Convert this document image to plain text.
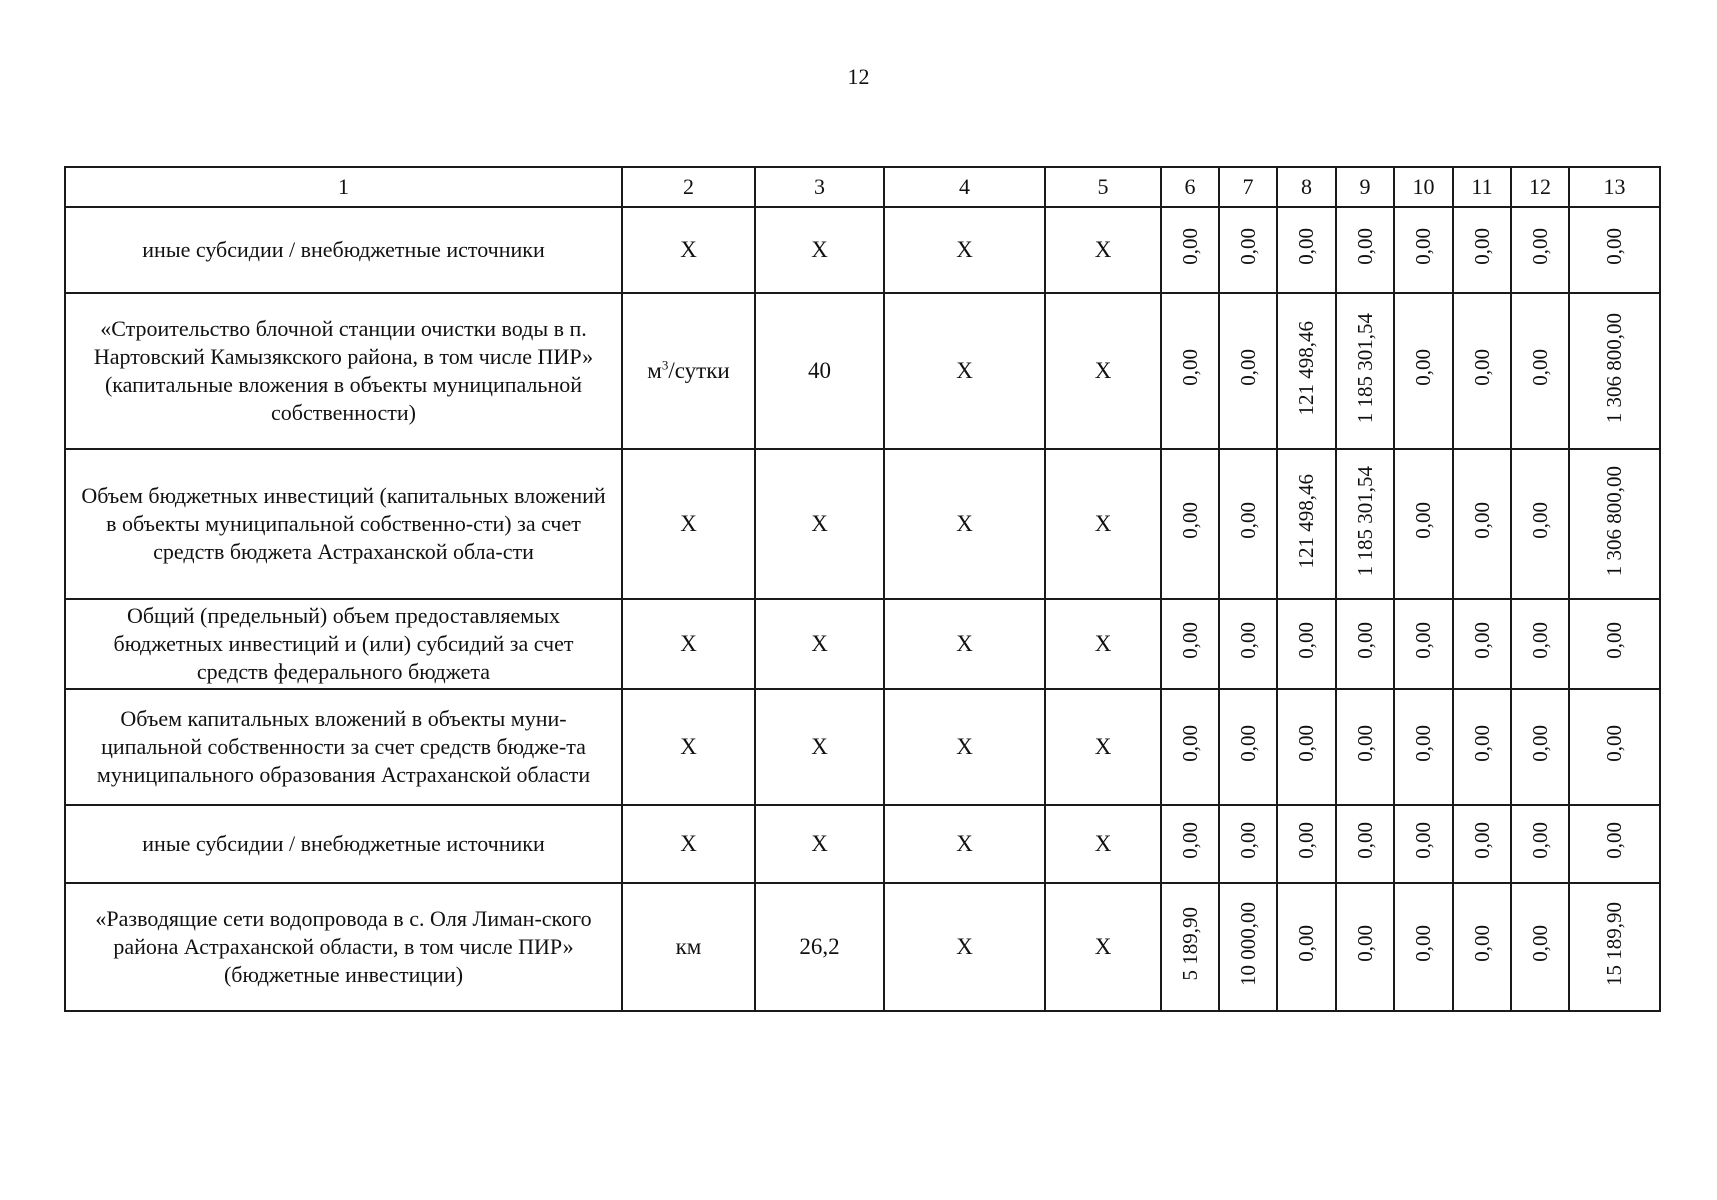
12
1	2	3	4	5	6	7	8	9	10	11	12	13
иные субсидии / внебюджетные источники	X	X	X	X	0,00	0,00	0,00	0,00	0,00	0,00	0,00	0,00
«Строительство блочной станции очистки воды в п. Нартовский Камызякского района, в том числе ПИР» (капитальные вложения в объекты муниципальной собственности)	$м^3$/сутки	40	X	X	0,00	0,00	121 498,46	1 185 301,54	0,00	0,00	0,00	1 306 800,00
Объем бюджетных инвестиций (капитальных вложений в объекты муниципальной собственно-сти) за счет средств бюджета Астраханской обла-сти	X	X	X	X	0,00	0,00	121 498,46	1 185 301,54	0,00	0,00	0,00	1 306 800,00
Общий (предельный) объем предоставляемых бюджетных инвестиций и (или) субсидий за счет средств федерального бюджета	X	X	X	X	0,00	0,00	0,00	0,00	0,00	0,00	0,00	0,00
Объем капитальных вложений в объекты муни-ципальной собственности за счет средств бюдже-та муниципального образования Астраханской области	X	X	X	X	0,00	0,00	0,00	0,00	0,00	0,00	0,00	0,00
иные субсидии / внебюджетные источники	X	X	X	X	0,00	0,00	0,00	0,00	0,00	0,00	0,00	0,00
«Разводящие сети водопровода в с. Оля Лиман-ского района Астраханской области, в том числе ПИР» (бюджетные инвестиции)	км	26,2	X	X	5 189,90	10 000,00	0,00	0,00	0,00	0,00	0,00	15 189,90
